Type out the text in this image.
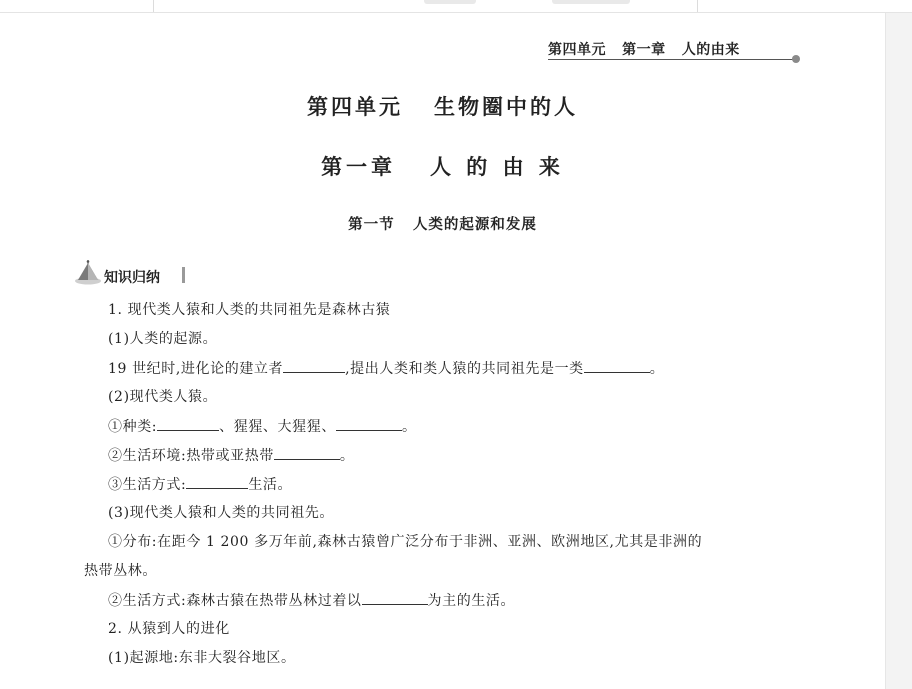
第四单元   第一章   人的由来
第四单元   生物圈中的人
第一章   人 的 由 来
第一节   人类的起源和发展
知识归纳
1. 现代类人猿和人类的共同祖先是森林古猿
(1)人类的起源。
19 世纪时,进化论的建立者	,提出人类和类人猿的共同祖先是一类	。
(2)现代类人猿。
①种类:	、猩猩、大猩猩、	。
②生活环境:热带或亚热带	。
③生活方式:	生活。
(3)现代类人猿和人类的共同祖先。
①分布:在距今 1 200 多万年前,森林古猿曾广泛分布于非洲、亚洲、欧洲地区,尤其是非洲的
热带丛林。
②生活方式:森林古猿在热带丛林过着以	为主的生活。
2. 从猿到人的进化
(1)起源地:东非大裂谷地区。
